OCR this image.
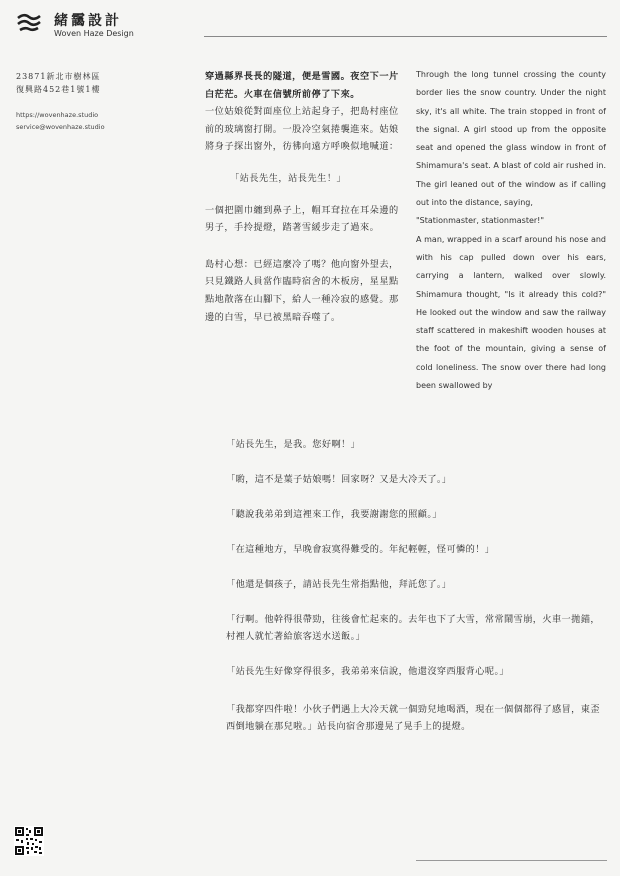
緒靄設計
Woven Haze Design
23871新北市樹林區
復興路452巷1號1樓
https://wovenhaze.studio
service@wovenhaze.studio

穿過縣界長長的隧道，便是雪國。夜空下一片白茫茫。火車在信號所前停了下來。

一位姑娘從對面座位上站起身子，把島村座位前的玻璃窗打開。一股冷空氣捲襲進來。姑娘將身子探出窗外，彷彿向遠方呼喚似地喊道：

「站長先生，站長先生！」

一個把圍巾纏到鼻子上，帽耳耷拉在耳朵邊的男子，手拎提燈，踏著雪緩步走了過來。

島村心想：已經這麼冷了嗎？他向窗外望去，只見鐵路人員當作臨時宿舍的木板房，星星點點地散落在山腳下，給人一種冷寂的感覺。那邊的白雪，早已被黑暗吞噬了。

Through the long tunnel crossing the county border lies the snow country. Under the night sky, it's all white. The train stopped in front of the signal. A girl stood up from the opposite seat and opened the glass window in front of Shimamura's seat. A blast of cold air rushed in. The girl leaned out of the window as if calling out into the distance, saying,

"Stationmaster, stationmaster!"

A man, wrapped in a scarf around his nose and with his cap pulled down over his ears, carrying a lantern, walked over slowly. Shimamura thought, "Is it already this cold?" He looked out the window and saw the railway staff scattered in makeshift wooden houses at the foot of the mountain, giving a sense of cold loneliness. The snow over there had long been swallowed by

「站長先生，是我。您好啊！」
「喲，這不是葉子姑娘嗎！回家呀？又是大冷天了。」
「聽說我弟弟到這裡來工作，我要謝謝您的照顧。」
「在這種地方，早晚會寂寞得難受的。年紀輕輕，怪可憐的！」
「他還是個孩子，請站長先生常指點他，拜託您了。」
「行啊。他幹得很帶勁，往後會忙起來的。去年也下了大雪，常常鬧雪崩，火車一拋錨，村裡人就忙著給旅客送水送飯。」
「站長先生好像穿得很多，我弟弟來信說，他還沒穿西服背心呢。」
「我都穿四件啦！小伙子們遇上大冷天就一個勁兒地喝酒，現在一個個都得了感冒，東歪西倒地躺在那兒啦。」站長向宿舍那邊晃了晃手上的提燈。
